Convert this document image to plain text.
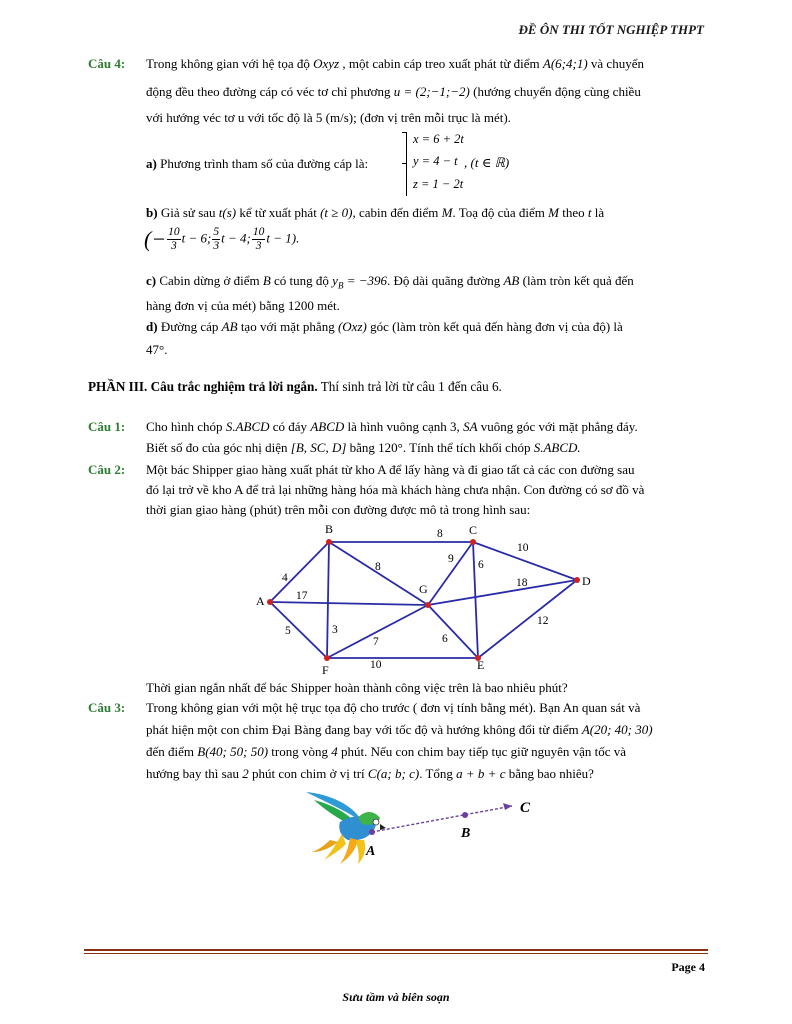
ĐỀ ÔN THI TỐT NGHIỆP THPT
Câu 4: Trong không gian với hệ tọa độ Oxyz , một cabin cáp treo xuất phát từ điểm A(6;4;1) và chuyển
động đều theo đường cáp có véc tơ chỉ phương u = (2;−1;−2) (hướng chuyển động cùng chiều
với hướng véc tơ u với tốc độ là 5 (m/s); (đơn vị trên mỗi trục là mét).
a) Phương trình tham số của đường cáp là:
x = 6 + 2t
y = 4 − t
z = 1 − 2t
, (t ∈ ℝ)
b) Giả sử sau t(s) kể từ xuất phát (t ≥ 0), cabin đến điểm M. Toạ độ của điểm M theo t là
(− $\frac{10}{3}$ t − 6; $\frac{5}{3}$ t − 4; $\frac{10}{3}$ t − 1).
c) Cabin dừng ở điểm B có tung độ $y_B = -396$. Độ dài quãng đường AB (làm tròn kết quả đến
hàng đơn vị của mét) bằng 1200 mét.
d) Đường cáp AB tạo với mặt phẳng (Oxz) góc (làm tròn kết quả đến hàng đơn vị của độ) là
47°.
PHẦN III. Câu trắc nghiệm trả lời ngắn. Thí sinh trả lời từ câu 1 đến câu 6.
Câu 1: Cho hình chóp S.ABCD có đáy ABCD là hình vuông cạnh 3, SA vuông góc với mặt phẳng đáy.
Biết số đo của góc nhị diện [B, SC, D] bằng 120°. Tính thể tích khối chóp S.ABCD.
Câu 2: Một bác Shipper giao hàng xuất phát từ kho A để lấy hàng và đi giao tất cả các con đường sau
đó lại trở về kho A để trả lại những hàng hóa mà khách hàng chưa nhận. Con đường có sơ đồ và
thời gian giao hàng (phút) trên mỗi con đường được mô tả trong hình sau:
A
B	C
D
E
F
G
4
17
5
8
3
8
10
9 6
18
12
6
7
10
Thời gian ngắn nhất để bác Shipper hoàn thành công việc trên là bao nhiêu phút?
Câu 3: Trong không gian với một hệ trục tọa độ cho trước ( đơn vị tính bằng mét). Bạn An quan sát và
phát hiện một con chim Đại Bàng đang bay với tốc độ và hướng không đổi từ điểm A(20; 40; 30)
đến điểm B(40; 50; 50) trong vòng 4 phút. Nếu con chim bay tiếp tục giữ nguyên vận tốc và
hướng bay thì sau 2 phút con chim ở vị trí C(a; b; c). Tổng a + b + c bằng bao nhiêu?
A
B
C
Page 4
Sưu tầm và biên soạn
